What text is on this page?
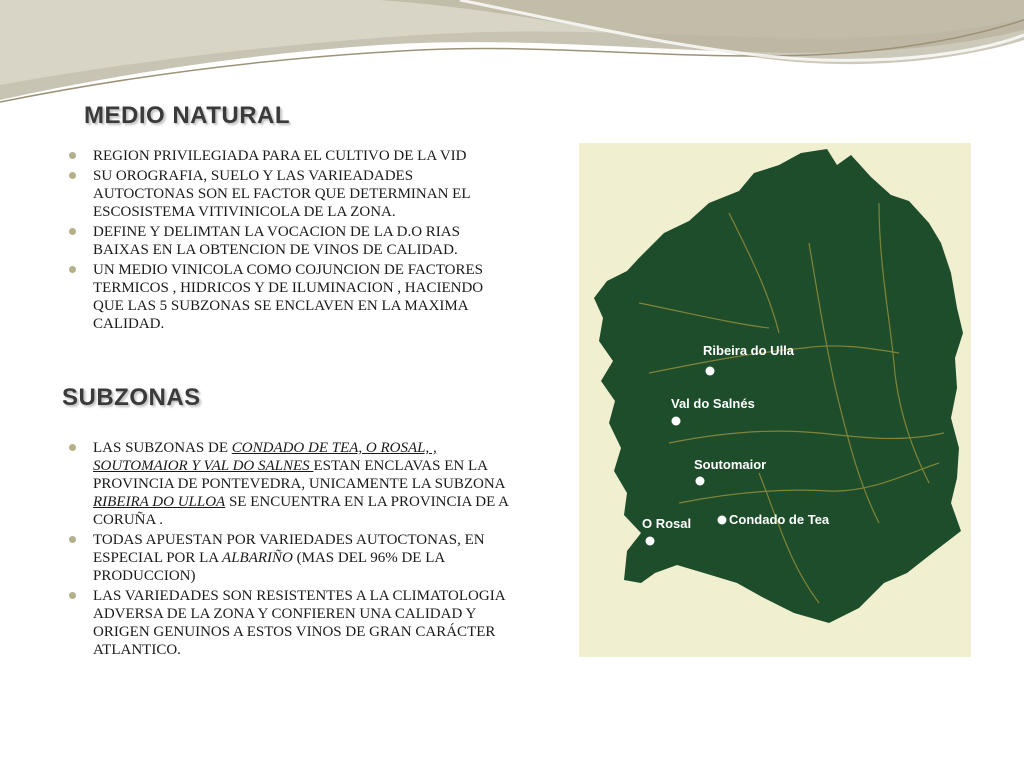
MEDIO NATURAL
REGION PRIVILEGIADA PARA EL CULTIVO DE LA VID
SU OROGRAFIA, SUELO Y LAS VARIEADADES AUTOCTONAS SON EL FACTOR QUE DETERMINAN EL ESCOSISTEMA VITIVINICOLA DE LA ZONA.
DEFINE Y DELIMTAN LA VOCACION DE LA D.O RIAS BAIXAS EN LA OBTENCION DE VINOS DE CALIDAD.
UN MEDIO VINICOLA COMO COJUNCION DE FACTORES TERMICOS , HIDRICOS Y DE ILUMINACION , HACIENDO QUE LAS 5 SUBZONAS SE ENCLAVEN EN LA MAXIMA CALIDAD.
SUBZONAS
LAS SUBZONAS DE CONDADO DE TEA, O ROSAL, , SOUTOMAIOR Y VAL DO SALNES ESTAN ENCLAVAS EN LA PROVINCIA DE PONTEVEDRA, UNICAMENTE LA SUBZONA RIBEIRA DO ULLOA SE ENCUENTRA EN LA PROVINCIA DE A CORUÑA .
TODAS APUESTAN POR VARIEDADES AUTOCTONAS, EN ESPECIAL POR LA ALBARIÑO (MAS DEL 96% DE LA PRODUCCION)
LAS VARIEDADES SON RESISTENTES A LA CLIMATOLOGIA ADVERSA DE LA ZONA Y CONFIEREN UNA CALIDAD Y ORIGEN GENUINOS A ESTOS VINOS DE GRAN CARÁCTER ATLANTICO.
Ribeira do Ulla
Val do Salnés
Soutomaior
Condado de Tea
O Rosal
